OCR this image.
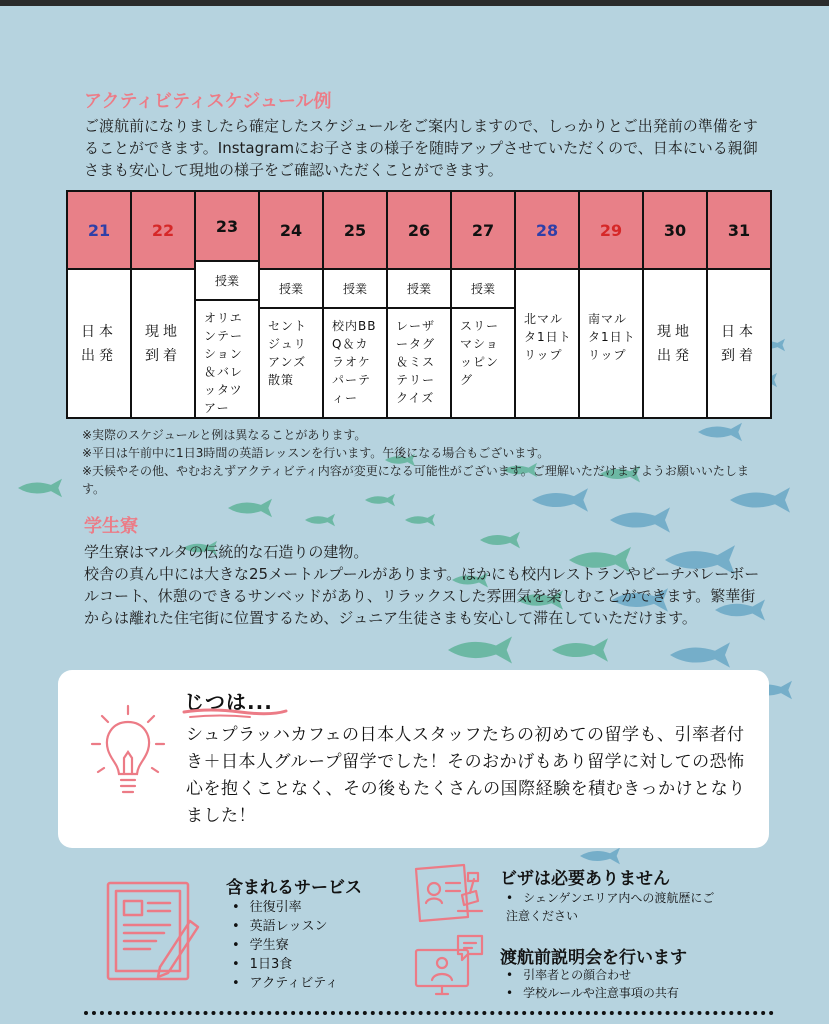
アクティビティスケジュール例
ご渡航前になりましたら確定したスケジュールをご案内しますので、しっかりとご出発前の準備をすることができます。Instagramにお子さまの様子を随時アップさせていただくので、日本にいる親御さまも安心して現地の様子をご確認いただくことができます。
21
日本出発
22
現地到着
23
授業
オリエンテーション＆バレッタツアー
24
授業
セントジュリアンズ散策
25
授業
校内BBQ＆カラオケパーティー
26
授業
レーザータグ＆ミステリークイズ
27
授業
スリーマショッピング
28
北マルタ1日トリップ
29
南マルタ1日トリップ
30
現地出発
31
日本到着
※実際のスケジュールと例は異なることがあります。
※平日は午前中に1日3時間の英語レッスンを行います。午後になる場合もございます。
※天候やその他、やむおえずアクティビティ内容が変更になる可能性がございます。ご理解いただけますようお願いいたします。
学生寮
学生寮はマルタの伝統的な石造りの建物。
校舎の真ん中には大きな25メートルプールがあります。ほかにも校内レストランやビーチバレーボールコート、休憩のできるサンベッドがあり、リラックスした雰囲気を楽しむことができます。繁華街からは離れた住宅街に位置するため、ジュニア生徒さまも安心して滞在していただけます。
じつは...
シュプラッハカフェの日本人スタッフたちの初めての留学も、引率者付き＋日本人グループ留学でした！そのおかげもあり留学に対しての恐怖心を抱くことなく、その後もたくさんの国際経験を積むきっかけとなりました！
含まれるサービス
• 往復引率
• 英語レッスン
• 学生寮
• 1日3食
• アクティビティ
ビザは必要ありません
• シェンゲンエリア内への渡航歴にご注意ください
渡航前説明会を行います
• 引率者との顔合わせ
• 学校ルールや注意事項の共有
